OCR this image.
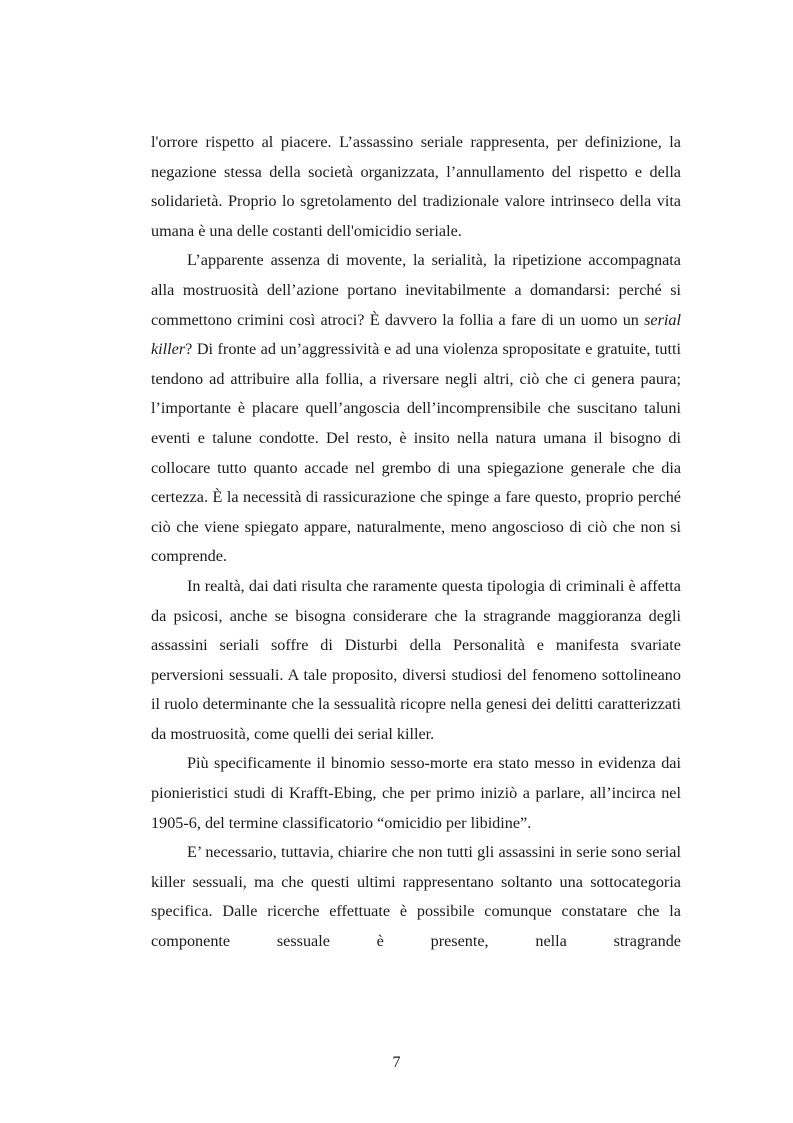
l'orrore rispetto al piacere. L’assassino seriale rappresenta, per definizione, la negazione stessa della società organizzata, l’annullamento del rispetto e della solidarietà. Proprio lo sgretolamento del tradizionale valore intrinseco della vita umana è una delle costanti dell'omicidio seriale.

L’apparente assenza di movente, la serialità, la ripetizione accompagnata alla mostruosità dell’azione portano inevitabilmente a domandarsi: perché si commettono crimini così atroci? È davvero la follia a fare di un uomo un serial killer? Di fronte ad un’aggressività e ad una violenza spropositate e gratuite, tutti tendono ad attribuire alla follia, a riversare negli altri, ciò che ci genera paura; l’importante è placare quell’angoscia dell’incomprensibile che suscitano taluni eventi e talune condotte. Del resto, è insito nella natura umana il bisogno di collocare tutto quanto accade nel grembo di una spiegazione generale che dia certezza. È la necessità di rassicurazione che spinge a fare questo, proprio perché ciò che viene spiegato appare, naturalmente, meno angoscioso di ciò che non si comprende.

In realtà, dai dati risulta che raramente questa tipologia di criminali è affetta da psicosi, anche se bisogna considerare che la stragrande maggioranza degli assassini seriali soffre di Disturbi della Personalità e manifesta svariate perversioni sessuali. A tale proposito, diversi studiosi del fenomeno sottolineano il ruolo determinante che la sessualità ricopre nella genesi dei delitti caratterizzati da mostruosità, come quelli dei serial killer.

Più specificamente il binomio sesso-morte era stato messo in evidenza dai pionieristici studi di Krafft-Ebing, che per primo iniziò a parlare, all’incirca nel 1905-6, del termine classificatorio “omicidio per libidine”.

E’ necessario, tuttavia, chiarire che non tutti gli assassini in serie sono serial killer sessuali, ma che questi ultimi rappresentano soltanto una sottocategoria specifica. Dalle ricerche effettuate è possibile comunque constatare che la componente sessuale è presente, nella stragrande

7
